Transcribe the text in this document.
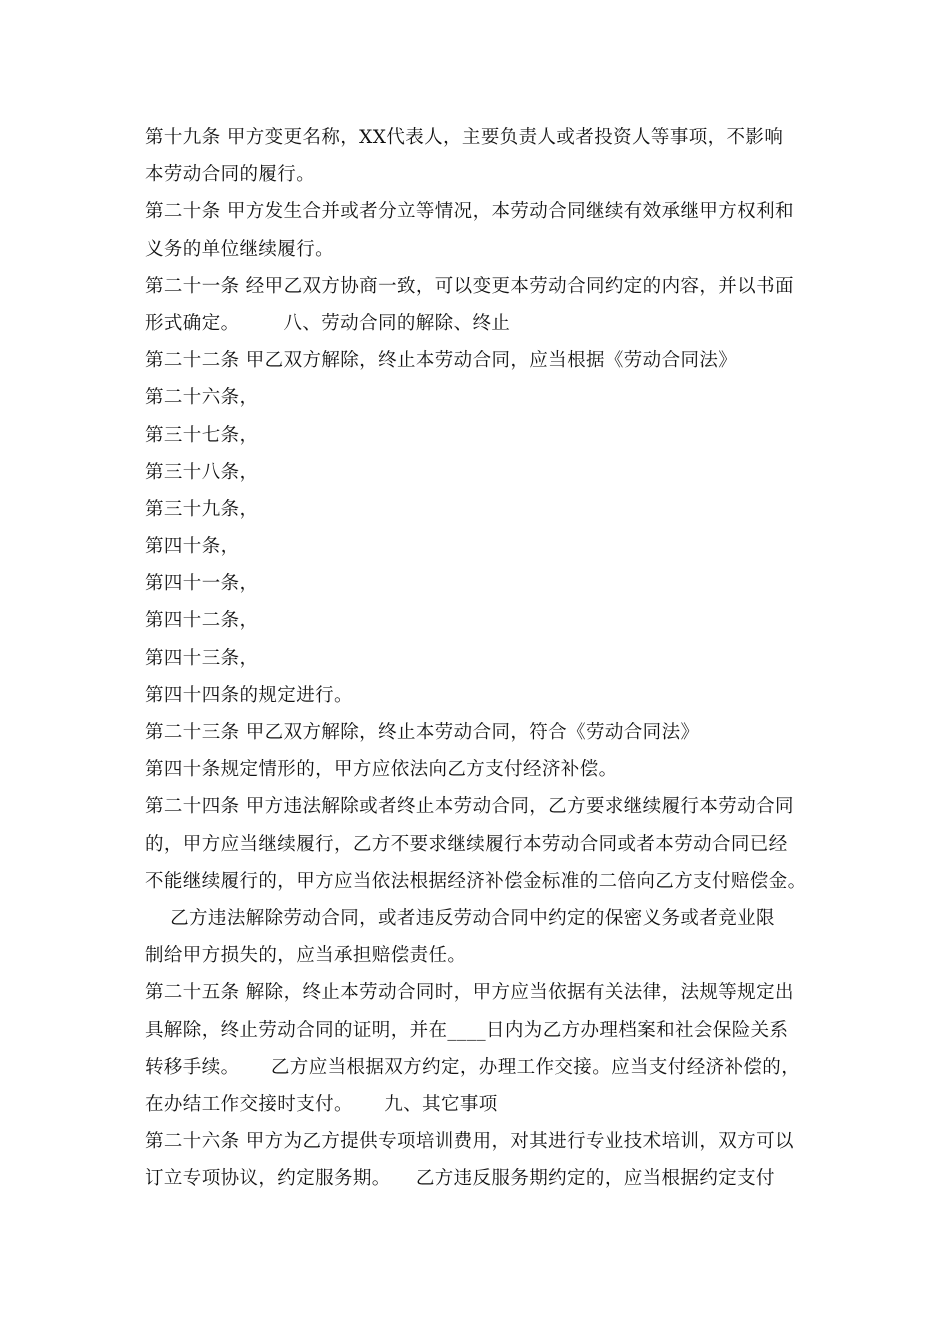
第十九条 甲方变更名称，XX代表人，主要负责人或者投资人等事项，不影响
本劳动合同的履行。
第二十条 甲方发生合并或者分立等情况，本劳动合同继续有效承继甲方权利和
义务的单位继续履行。
第二十一条 经甲乙双方协商一致，可以变更本劳动合同约定的内容，并以书面
形式确定。       八、劳动合同的解除、终止
第二十二条 甲乙双方解除，终止本劳动合同，应当根据《劳动合同法》
第二十六条，
第三十七条，
第三十八条，
第三十九条，
第四十条，
第四十一条，
第四十二条，
第四十三条，
第四十四条的规定进行。
第二十三条 甲乙双方解除，终止本劳动合同，符合《劳动合同法》
第四十条规定情形的，甲方应依法向乙方支付经济补偿。
第二十四条 甲方违法解除或者终止本劳动合同，乙方要求继续履行本劳动合同
的，甲方应当继续履行，乙方不要求继续履行本劳动合同或者本劳动合同已经
不能继续履行的，甲方应当依法根据经济补偿金标准的二倍向乙方支付赔偿金。
乙方违法解除劳动合同，或者违反劳动合同中约定的保密义务或者竞业限
制给甲方损失的，应当承担赔偿责任。
第二十五条 解除，终止本劳动合同时，甲方应当依据有关法律，法规等规定出
具解除，终止劳动合同的证明，并在____日内为乙方办理档案和社会保险关系
转移手续。     乙方应当根据双方约定，办理工作交接。应当支付经济补偿的，
在办结工作交接时支付。     九、其它事项
第二十六条 甲方为乙方提供专项培训费用，对其进行专业技术培训，双方可以
订立专项协议，约定服务期。    乙方违反服务期约定的，应当根据约定支付
